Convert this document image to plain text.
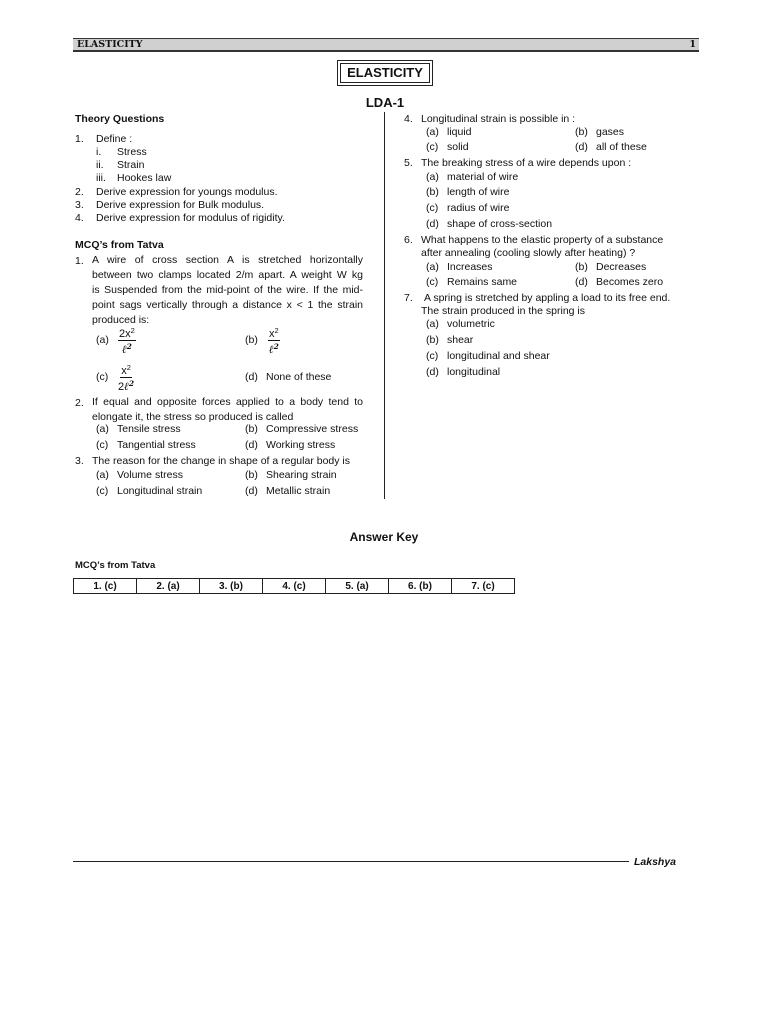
ELASTICITY	1
ELASTICITY
LDA-1
Theory Questions
1. Define :
i. Stress
ii. Strain
iii. Hookes law
2. Derive expression for youngs modulus.
3. Derive expression for Bulk modulus.
4. Derive expression for modulus of rigidity.
MCQ’s from Tatva
1. A wire of cross section A is stretched horizontally
between two clamps located 2/m apart. A weight W kg
is Suspended from the mid-point of the wire. If the mid-
point sags vertically through a distance x < 1 the strain
produced is:
(a) $2x^2$
ℓ$^2$
(b) $x^2$
ℓ$^2$
(c) $x^2$
2ℓ$^2$
(d) None of these
2. If equal and opposite forces applied to a body tend to
elongate it, the stress so produced is called
(a) Tensile stress	(b) Compressive stress
(c) Tangential stress	(d) Working stress
3. The reason for the change in shape of a regular body is
(a) Volume stress	(b) Shearing strain
(c) Longitudinal strain	(d) Metallic strain
4. Longitudinal strain is possible in :
(a) liquid	(b) gases
(c) solid	(d) all of these
5. The breaking stress of a wire depends upon :
(a) material of wire
(b) length of wire
(c) radius of wire
(d) shape of cross-section
6. What happens to the elastic property of a substance
after annealing (cooling slowly after heating) ?
(a) Increases	(b) Decreases
(c) Remains same	(d) Becomes zero
7. A spring is stretched by appling a load to its free end.
The strain produced in the spring is
(a) volumetric
(b) shear
(c) longitudinal and shear
(d) longitudinal
Answer Key
MCQ’s from Tatva
1. (c)	2. (a)	3. (b)	4. (c)	5. (a)	6. (b)	7. (c)
Lakshya
